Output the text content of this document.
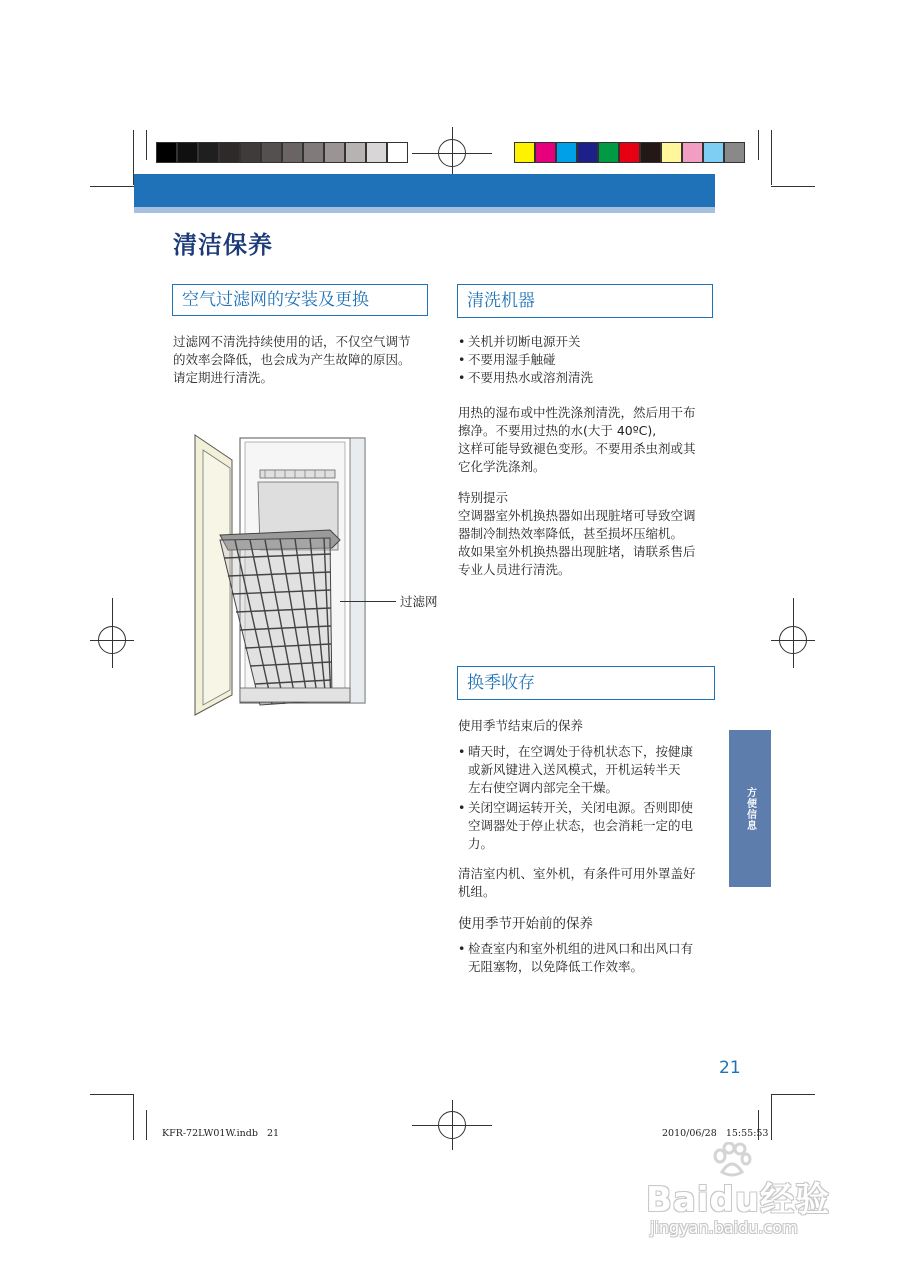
清洁保养
空气过滤网的安装及更换

过滤网不清洗持续使用的话，不仅空气调节

的效率会降低，也会成为产生故障的原因。

请定期进行清洗。

过滤网
清洗机器
• 关机并切断电源开关
• 不要用湿手触碰
• 不要用热水或溶剂清洗

用热的湿布或中性洗涤剂清洗，然后用干布

擦净。不要用过热的水(大于 40ºC),

这样可能导致褪色变形。不要用杀虫剂或其

它化学洗涤剂。

特别提示

空调器室外机换热器如出现脏堵可导致空调

器制冷制热效率降低，甚至损坏压缩机。

故如果室外机换热器出现脏堵，请联系售后

专业人员进行清洗。

换季收存
使用季节结束后的保养
• 晴天时，在空调处于待机状态下，按健康
或新风键进入送风模式，开机运转半天
左右使空调内部完全干燥。
• 关闭空调运转开关，关闭电源。否则即使
空调器处于停止状态，也会消耗一定的电
力。

清洁室内机、室外机，有条件可用外罩盖好

机组。

使用季节开始前的保养
• 检查室内和室外机组的进风口和出风口有
无阻塞物，以免降低工作效率。
方便信息
21
KFR-72LW01W.indb   21	2010/06/28   15:55:53
Baidu经验
jingyan.baidu.com
